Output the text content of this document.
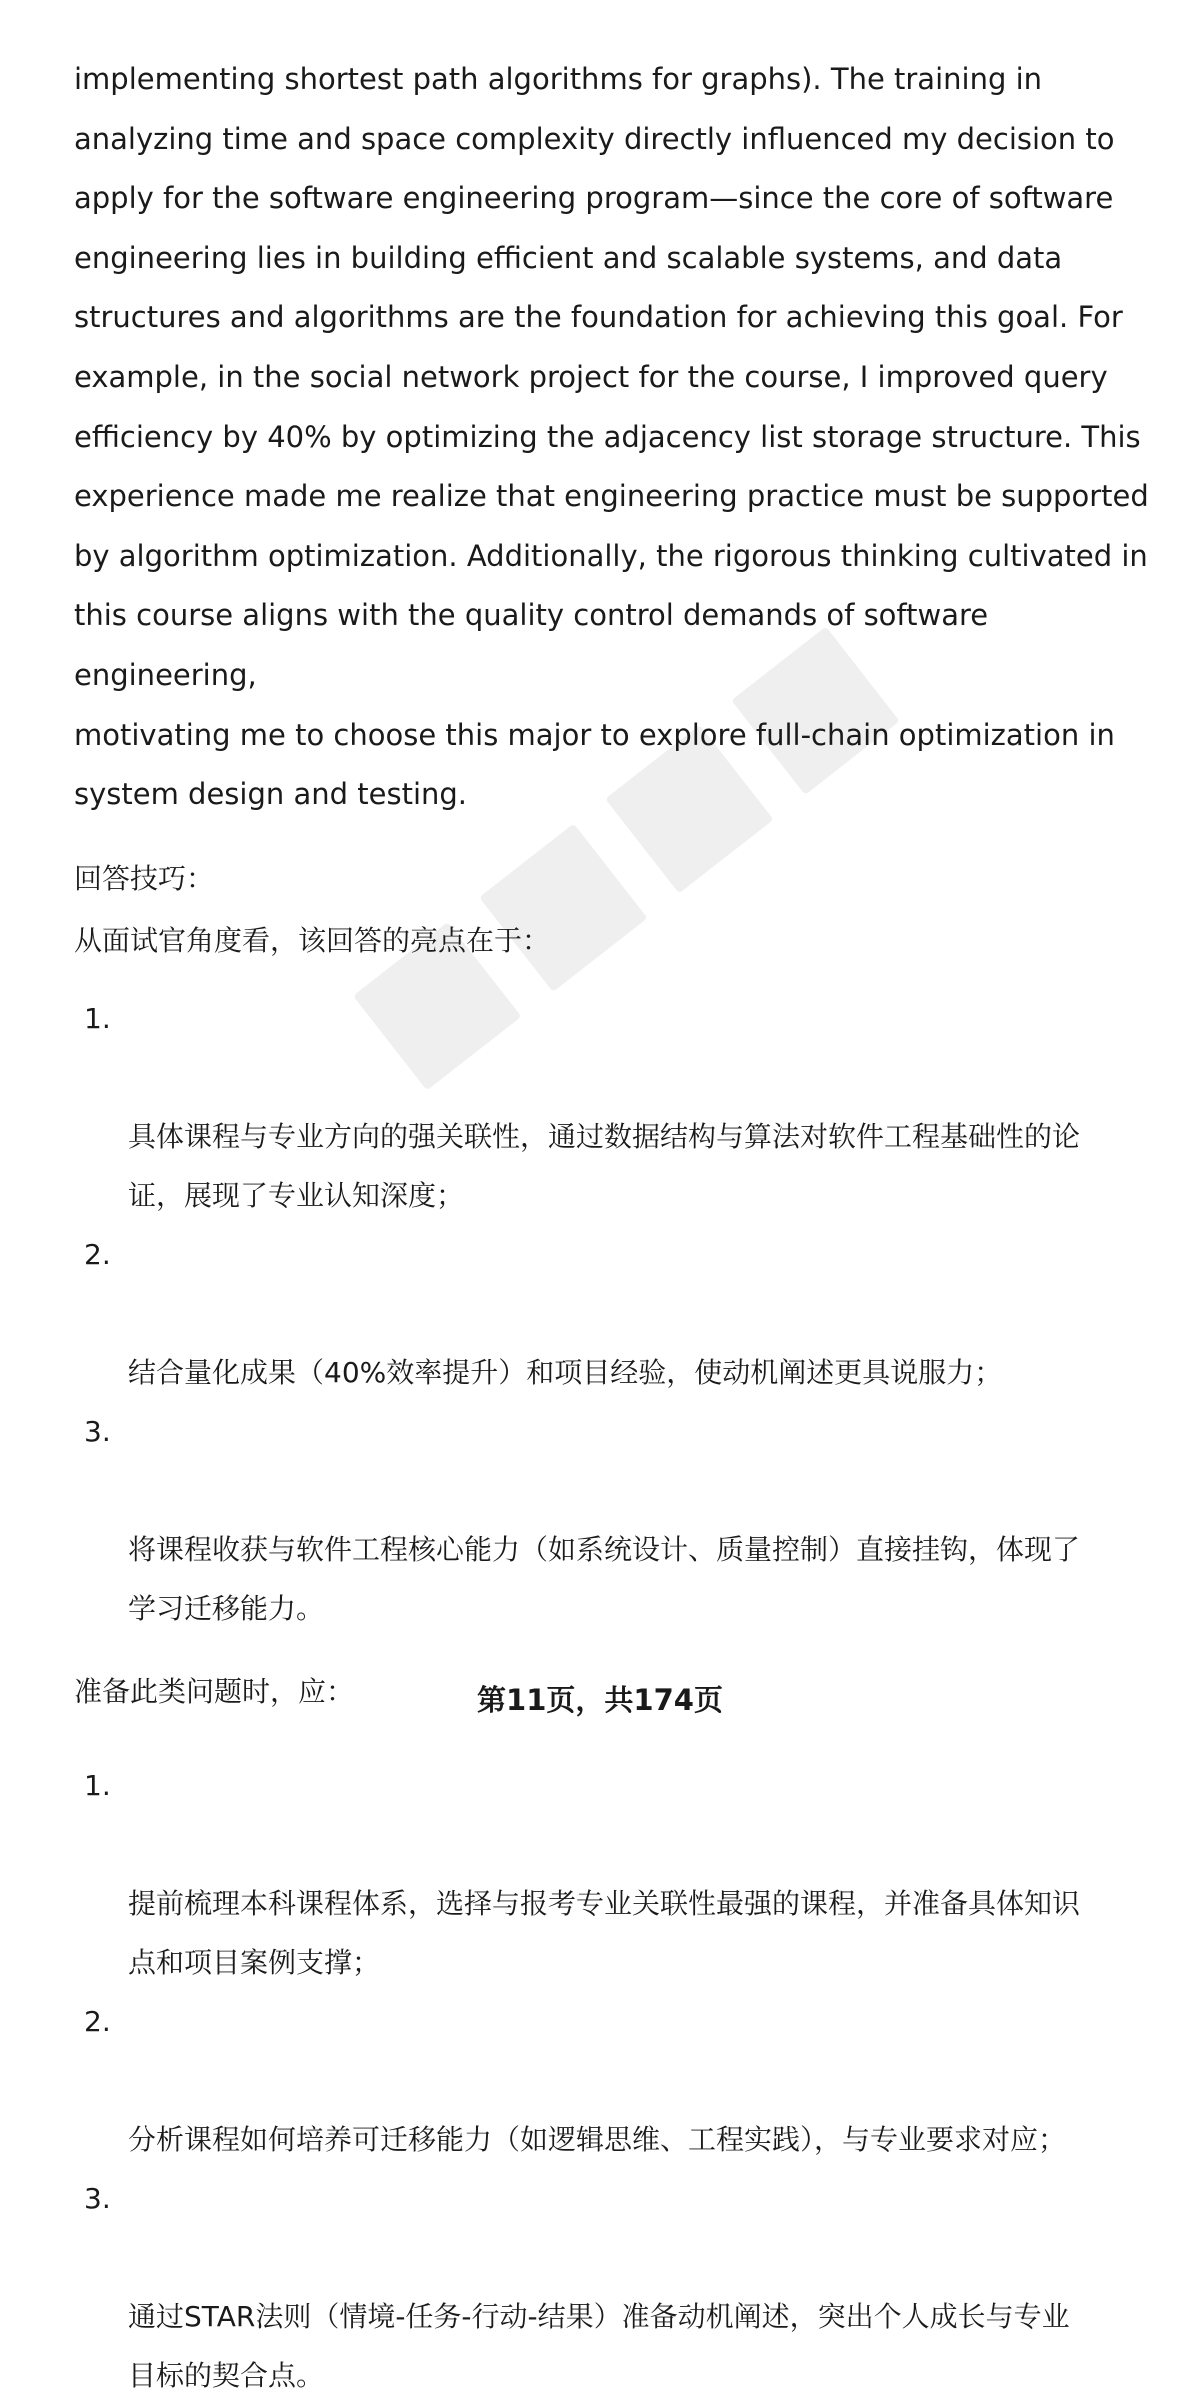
implementing shortest path algorithms for graphs). The training in
analyzing time and space complexity directly influenced my decision to
apply for the software engineering program—since the core of software
engineering lies in building efficient and scalable systems, and data
structures and algorithms are the foundation for achieving this goal. For
example, in the social network project for the course, I improved query
efficiency by 40% by optimizing the adjacency list storage structure. This
experience made me realize that engineering practice must be supported
by algorithm optimization. Additionally, the rigorous thinking cultivated in
this course aligns with the quality control demands of software engineering,
motivating me to choose this major to explore full-chain optimization in
system design and testing.

回答技巧：

从面试官角度看，该回答的亮点在于：

1.

具体课程与专业方向的强关联性，通过数据结构与算法对软件工程基础性的论
证，展现了专业认知深度；

2.

结合量化成果（40%效率提升）和项目经验，使动机阐述更具说服力；

3.

将课程收获与软件工程核心能力（如系统设计、质量控制）直接挂钩，体现了
学习迁移能力。

准备此类问题时，应：

1.

提前梳理本科课程体系，选择与报考专业关联性最强的课程，并准备具体知识
点和项目案例支撑；

2.

分析课程如何培养可迁移能力（如逻辑思维、工程实践），与专业要求对应；

3.

通过STAR法则（情境-任务-行动-结果）准备动机阐述，突出个人成长与专业
目标的契合点。

第11页，共174页
